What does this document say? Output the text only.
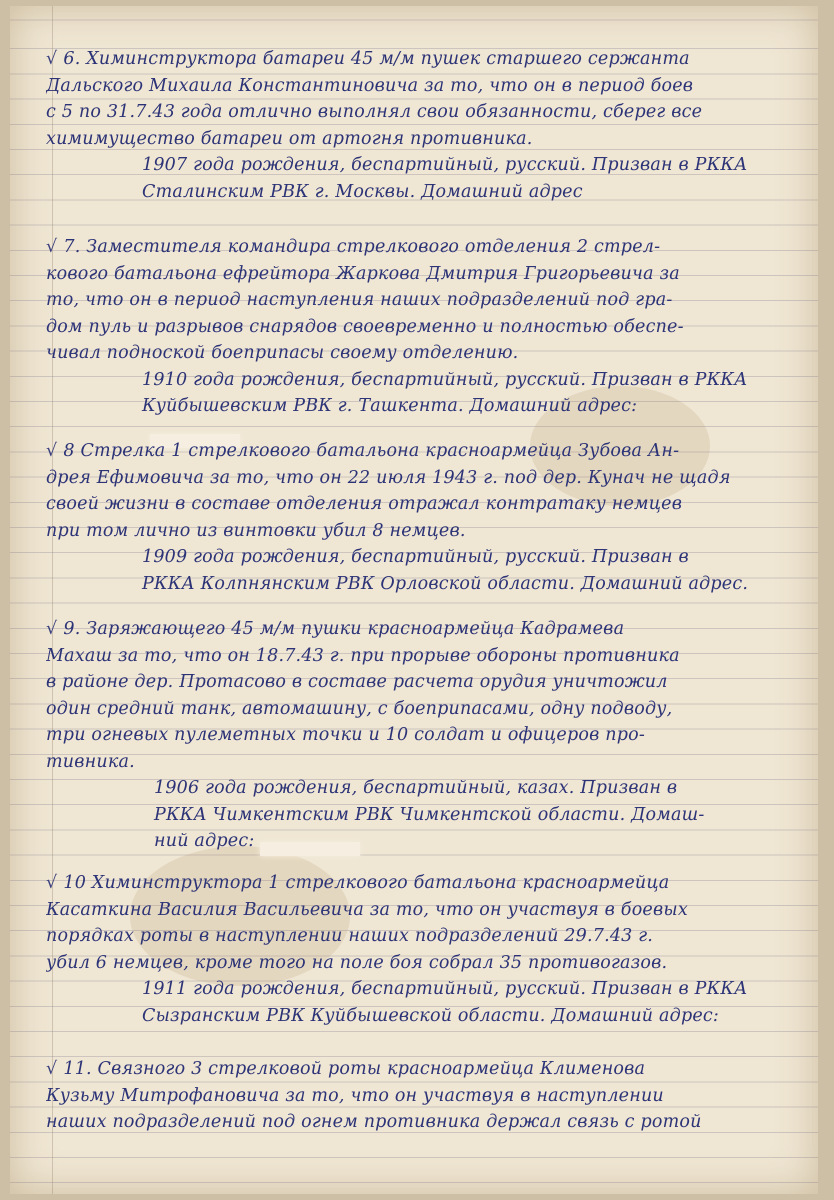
√ 6. Химинструктора батареи 45 м/м пушек старшего сержанта
Дальского Михаила Константиновича за то, что он в период боев
с 5 по 31.7.43 года отлично выполнял свои обязанности, сберег все
химимущество батареи от артогня противника.
1907 года рождения, беспартийный, русский. Призван в РККА
Сталинским РВК г. Москвы. Домашний адрес
√ 7. Заместителя командира стрелкового отделения 2 стрел-
кового батальона ефрейтора Жаркова Дмитрия Григорьевича за
то, что он в период наступления наших подразделений под гра-
дом пуль и разрывов снарядов своевременно и полностью обеспе-
чивал подноской боеприпасы своему отделению.
1910 года рождения, беспартийный, русский. Призван в РККА
Куйбышевским РВК г. Ташкента. Домашний адрес:
√ 8 Стрелка 1 стрелкового батальона красноармейца Зубова Ан-
дрея Ефимовича за то, что он 22 июля 1943 г. под дер. Кунач не щадя
своей жизни в составе отделения отражал контратаку немцев
при том лично из винтовки убил 8 немцев.
1909 года рождения, беспартийный, русский. Призван в
РККА Колпнянским РВК Орловской области. Домашний адрес.
√ 9. Заряжающего 45 м/м пушки красноармейца Кадрамева
Махаш за то, что он 18.7.43 г. при прорыве обороны противника
в районе дер. Протасово в составе расчета орудия уничтожил
один средний танк, автомашину, с боеприпасами, одну подводу,
три огневых пулеметных точки и 10 солдат и офицеров про-
тивника.
1906 года рождения, беспартийный, казах. Призван в
РККА Чимкентским РВК Чимкентской области. Домаш-
ний адрес:
√ 10 Химинструктора 1 стрелкового батальона красноармейца
Касаткина Василия Васильевича за то, что он участвуя в боевых
порядках роты в наступлении наших подразделений 29.7.43 г.
убил 6 немцев, кроме того на поле боя собрал 35 противогазов.
1911 года рождения, беспартийный, русский. Призван в РККА
Сызранским РВК Куйбышевской области. Домашний адрес:
√ 11. Связного 3 стрелковой роты красноармейца Клименова
Кузьму Митрофановича за то, что он участвуя в наступлении
наших подразделений под огнем противника держал связь с ротой
